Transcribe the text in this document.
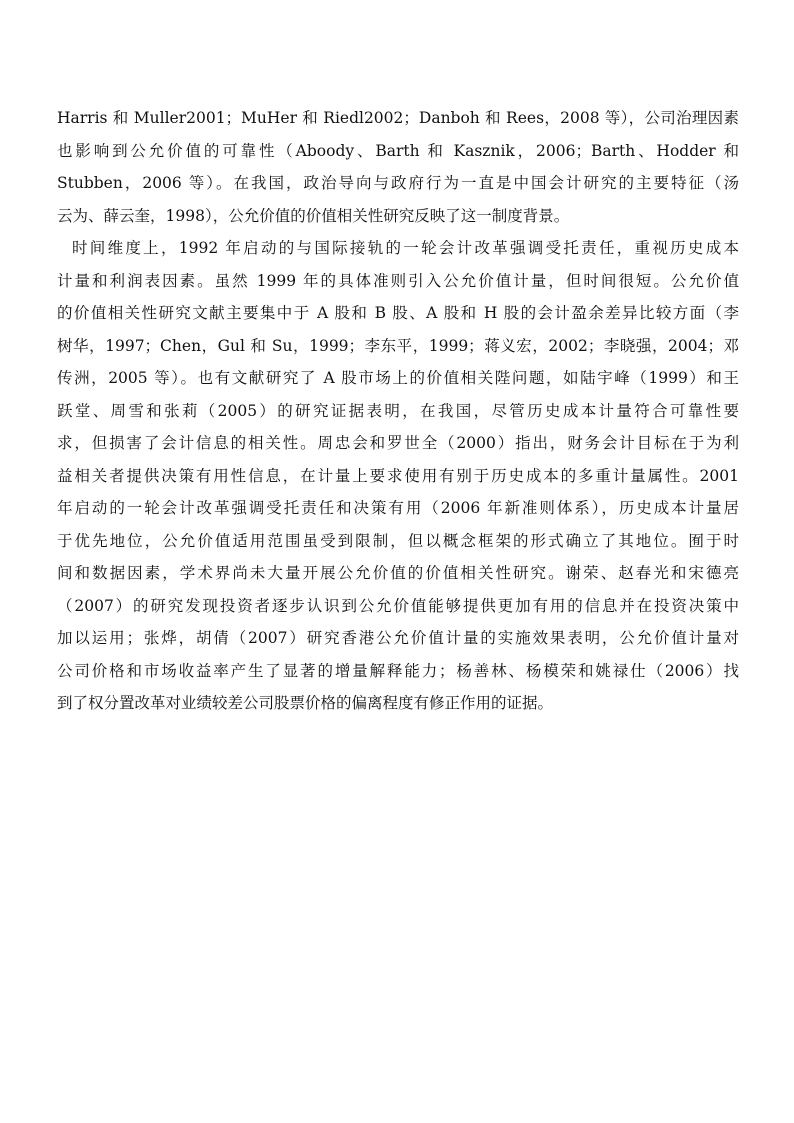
Harris 和 Muller2001；MuHer 和 Riedl2002；Danboh 和 Rees，2008 等），公司治理因素
也影响到公允价值的可靠性（Aboody、Barth 和 Kasznik，2006；Barth、Hodder 和
Stubben，2006 等）。在我国，政治导向与政府行为一直是中国会计研究的主要特征（汤
云为、薛云奎，1998），公允价值的价值相关性研究反映了这一制度背景。
时间维度上，1992 年启动的与国际接轨的一轮会计改革强调受托责任，重视历史成本
计量和利润表因素。虽然 1999 年的具体准则引入公允价值计量，但时间很短。公允价值
的价值相关性研究文献主要集中于 A 股和 B 股、A 股和 H 股的会计盈余差异比较方面（李
树华，1997；Chen，Gul 和 Su，1999；李东平，1999；蒋义宏，2002；李晓强，2004；邓
传洲，2005 等）。也有文献研究了 A 股市场上的价值相关陛问题，如陆宇峰（1999）和王
跃堂、周雪和张莉（2005）的研究证据表明，在我国，尽管历史成本计量符合可靠性要
求，但损害了会计信息的相关性。周忠会和罗世全（2000）指出，财务会计目标在于为利
益相关者提供决策有用性信息，在计量上要求使用有别于历史成本的多重计量属性。2001
年启动的一轮会计改革强调受托责任和决策有用（2006 年新准则体系），历史成本计量居
于优先地位，公允价值适用范围虽受到限制，但以概念框架的形式确立了其地位。囿于时
间和数据因素，学术界尚未大量开展公允价值的价值相关性研究。谢荣、赵春光和宋德亮
（2007）的研究发现投资者逐步认识到公允价值能够提供更加有用的信息并在投资决策中
加以运用；张烨，胡倩（2007）研究香港公允价值计量的实施效果表明，公允价值计量对
公司价格和市场收益率产生了显著的增量解释能力；杨善林、杨模荣和姚禄仕（2006）找
到了权分置改革对业绩较差公司股票价格的偏离程度有修正作用的证据。
